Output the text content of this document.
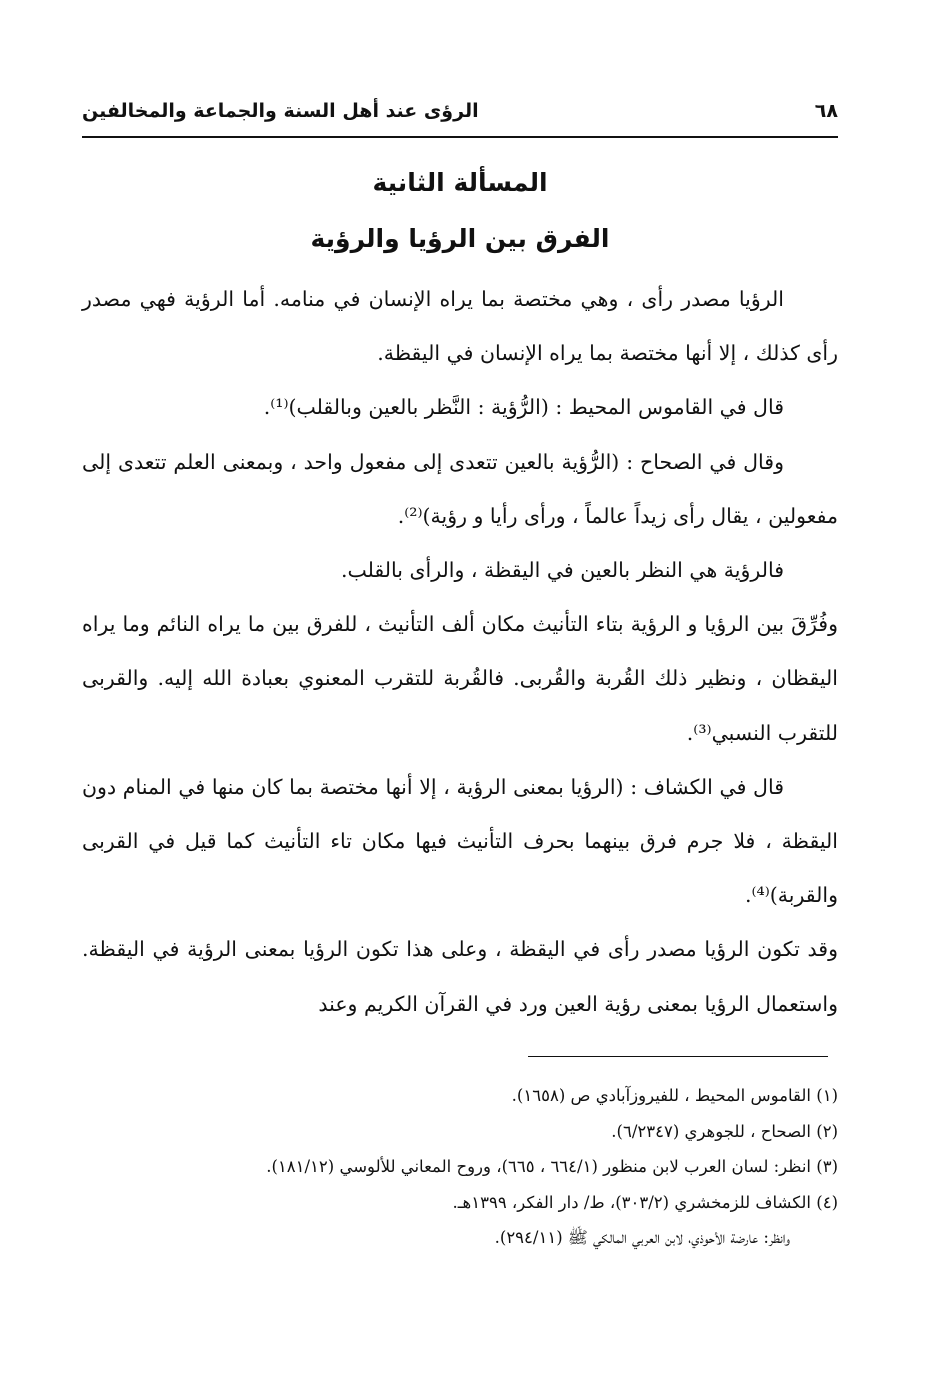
٦٨
الرؤى عند أهل السنة والجماعة والمخالفين
المسألة الثانية
الفرق بين الرؤيا والرؤية

الرؤيا مصدر رأى ، وهي مختصة بما يراه الإنسان في منامه. أما الرؤية فهي مصدر رأى كذلك ، إلا أنها مختصة بما يراه الإنسان في اليقظة.

قال في القاموس المحيط : (الرُّؤية : النَّظر بالعين وبالقلب)⁽¹⁾.

وقال في الصحاح : (الرُّؤية بالعين تتعدى إلى مفعول واحد ، وبمعنى العلم تتعدى إلى مفعولين ، يقال رأى زيداً عالماً ، ورأى رأيا و رؤية)⁽²⁾.

فالرؤية هي النظر بالعين في اليقظة ، والرأى بالقلب.

وفُرِّقَ بين الرؤيا و الرؤية بتاء التأنيث مكان ألف التأنيث ، للفرق بين ما يراه النائم وما يراه اليقظان ، ونظير ذلك القُربة والقُربى. فالقُربة للتقرب المعنوي بعبادة الله إليه. والقربى للتقرب النسبي⁽³⁾.

قال في الكشاف : (الرؤيا بمعنى الرؤية ، إلا أنها مختصة بما كان منها في المنام دون اليقظة ، فلا جرم فرق بينهما بحرف التأنيث فيها مكان تاء التأنيث كما قيل في القربى والقربة)⁽⁴⁾.

وقد تكون الرؤيا مصدر رأى في اليقظة ، وعلى هذا تكون الرؤيا بمعنى الرؤية في اليقظة. واستعمال الرؤيا بمعنى رؤية العين ورد في القرآن الكريم وعند

(١) القاموس المحيط ، للفيروزآبادي ص (١٦٥٨).

(٢) الصحاح ، للجوهري (٦/٢٣٤٧).

(٣) انظر: لسان العرب لابن منظور (٦٦٤/١ ، ٦٦٥)، وروح المعاني للألوسي (١٨١/١٢).

(٤) الكشاف للزمخشري (٣٠٣/٢)، ط/ دار الفكر، ١٣٩٩هـ.

وانظر: عارضة الأحوذي، لابن العربي المالكي ﷺ (٢٩٤/١١).
